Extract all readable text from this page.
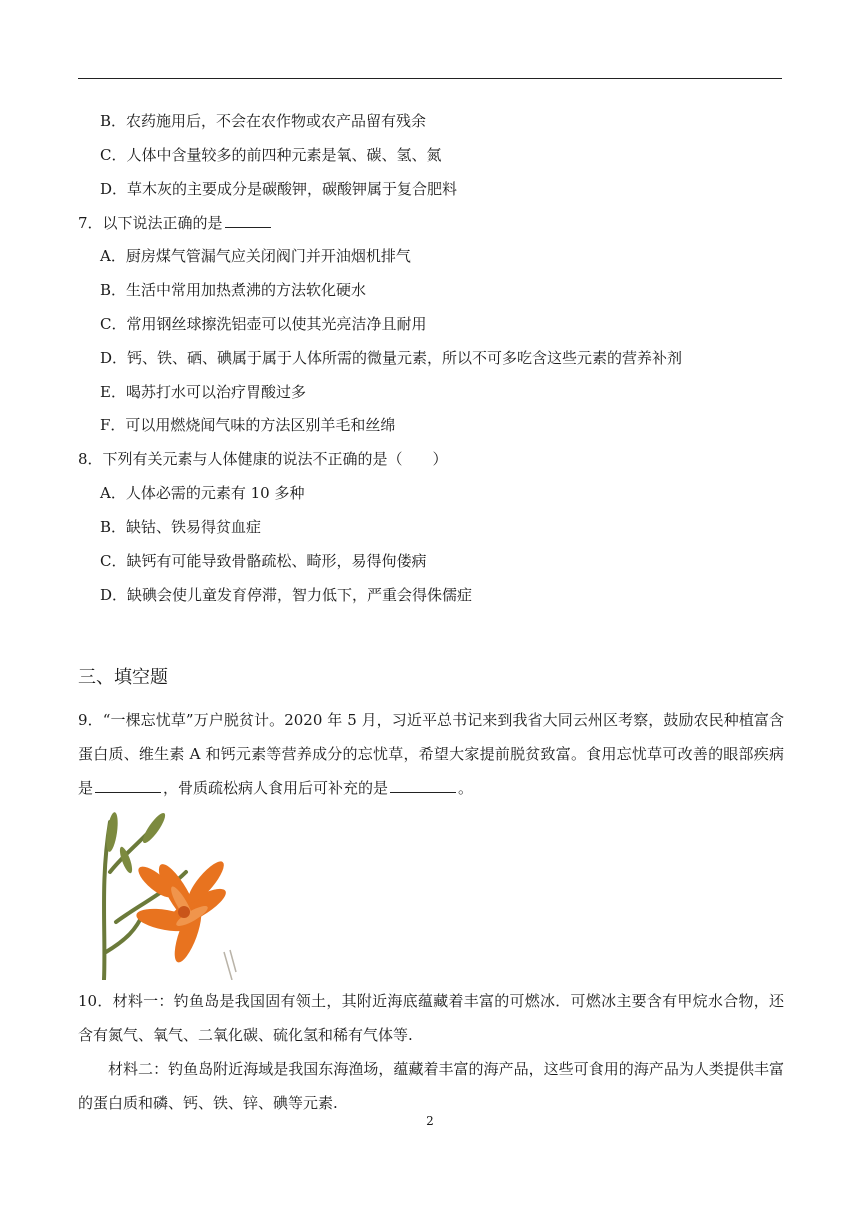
B．农药施用后，不会在农作物或农产品留有残余
C．人体中含量较多的前四种元素是氧、碳、氢、氮
D．草木灰的主要成分是碳酸钾，碳酸钾属于复合肥料
7．以下说法正确的是
A．厨房煤气管漏气应关闭阀门并开油烟机排气
B．生活中常用加热煮沸的方法软化硬水
C．常用钢丝球擦洗铝壶可以使其光亮洁净且耐用
D．钙、铁、硒、碘属于属于人体所需的微量元素，所以不可多吃含这些元素的营养补剂
E．喝苏打水可以治疗胃酸过多
F．可以用燃烧闻气味的方法区别羊毛和丝绵
8．下列有关元素与人体健康的说法不正确的是（　　）
A．人体必需的元素有 10 多种
B．缺钴、铁易得贫血症
C．缺钙有可能导致骨骼疏松、畸形，易得佝偻病
D．缺碘会使儿童发育停滞，智力低下，严重会得侏儒症
三、填空题
9．“一棵忘忧草”万户脱贫计。2020 年 5 月，习近平总书记来到我省大同云州区考察，鼓励农民种植富含蛋白质、维生素 A 和钙元素等营养成分的忘忧草，希望大家提前脱贫致富。食用忘忧草可改善的眼部疾病是	，骨质疏松病人食用后可补充的是	。
10．材料一：钓鱼岛是我国固有领土，其附近海底蕴藏着丰富的可燃冰．可燃冰主要含有甲烷水合物，还含有氮气、氧气、二氧化碳、硫化氢和稀有气体等.
材料二：钓鱼岛附近海域是我国东海渔场，蕴藏着丰富的海产品，这些可食用的海产品为人类提供丰富的蛋白质和磷、钙、铁、锌、碘等元素.
2
